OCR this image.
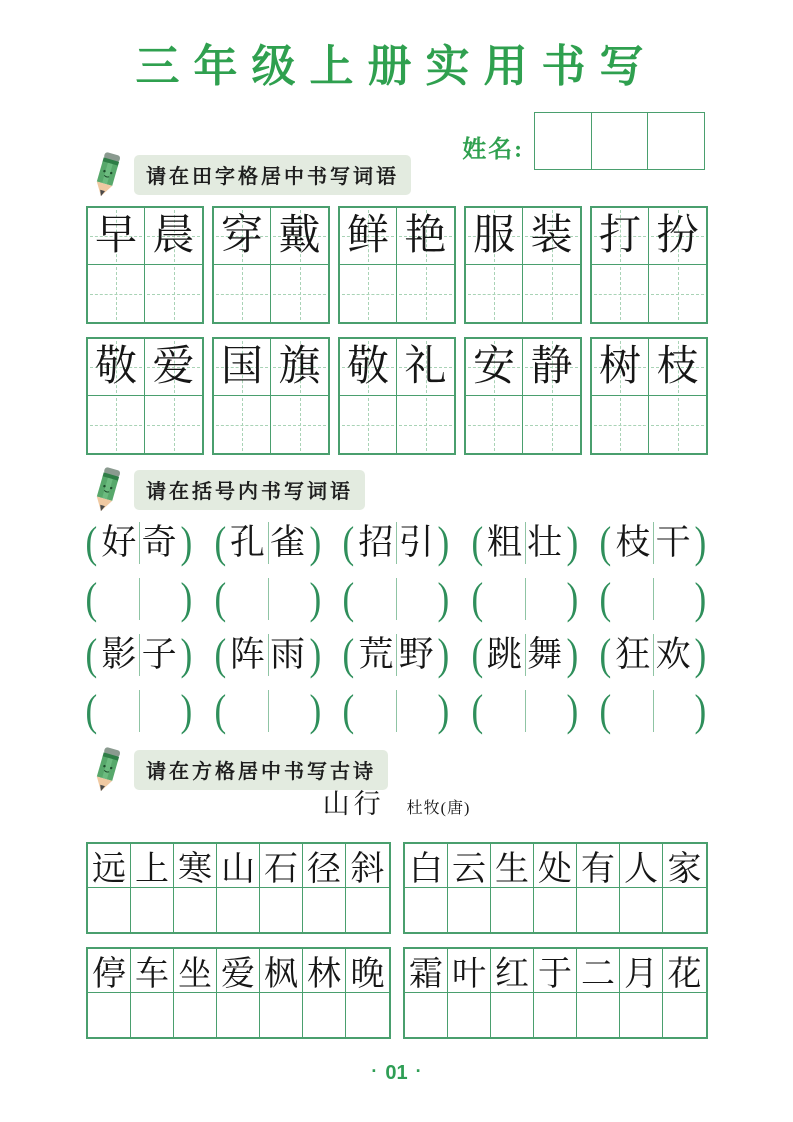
三年级上册实用书写
姓名:
请在田字格居中书写词语
早 晨 穿 戴 鲜 艳 服 装 打 扮
敬 爱 国 旗 敬 礼 安 静 树 枝
请在括号内书写词语
( 好 奇 ) ( 孔 雀 ) ( 招 引 ) ( 粗 壮 ) ( 枝 干 )
( ) ( ) ( ) ( ) ( )
( 影 子 ) ( 阵 雨 ) ( 荒 野 ) ( 跳 舞 ) ( 狂 欢 )
( ) ( ) ( ) ( ) ( )
请在方格居中书写古诗
山行 杜牧(唐)
远 上 寒 山 石 径 斜 白 云 生 处 有 人 家
停 车 坐 爱 枫 林 晚 霜 叶 红 于 二 月 花
· 01 ·
